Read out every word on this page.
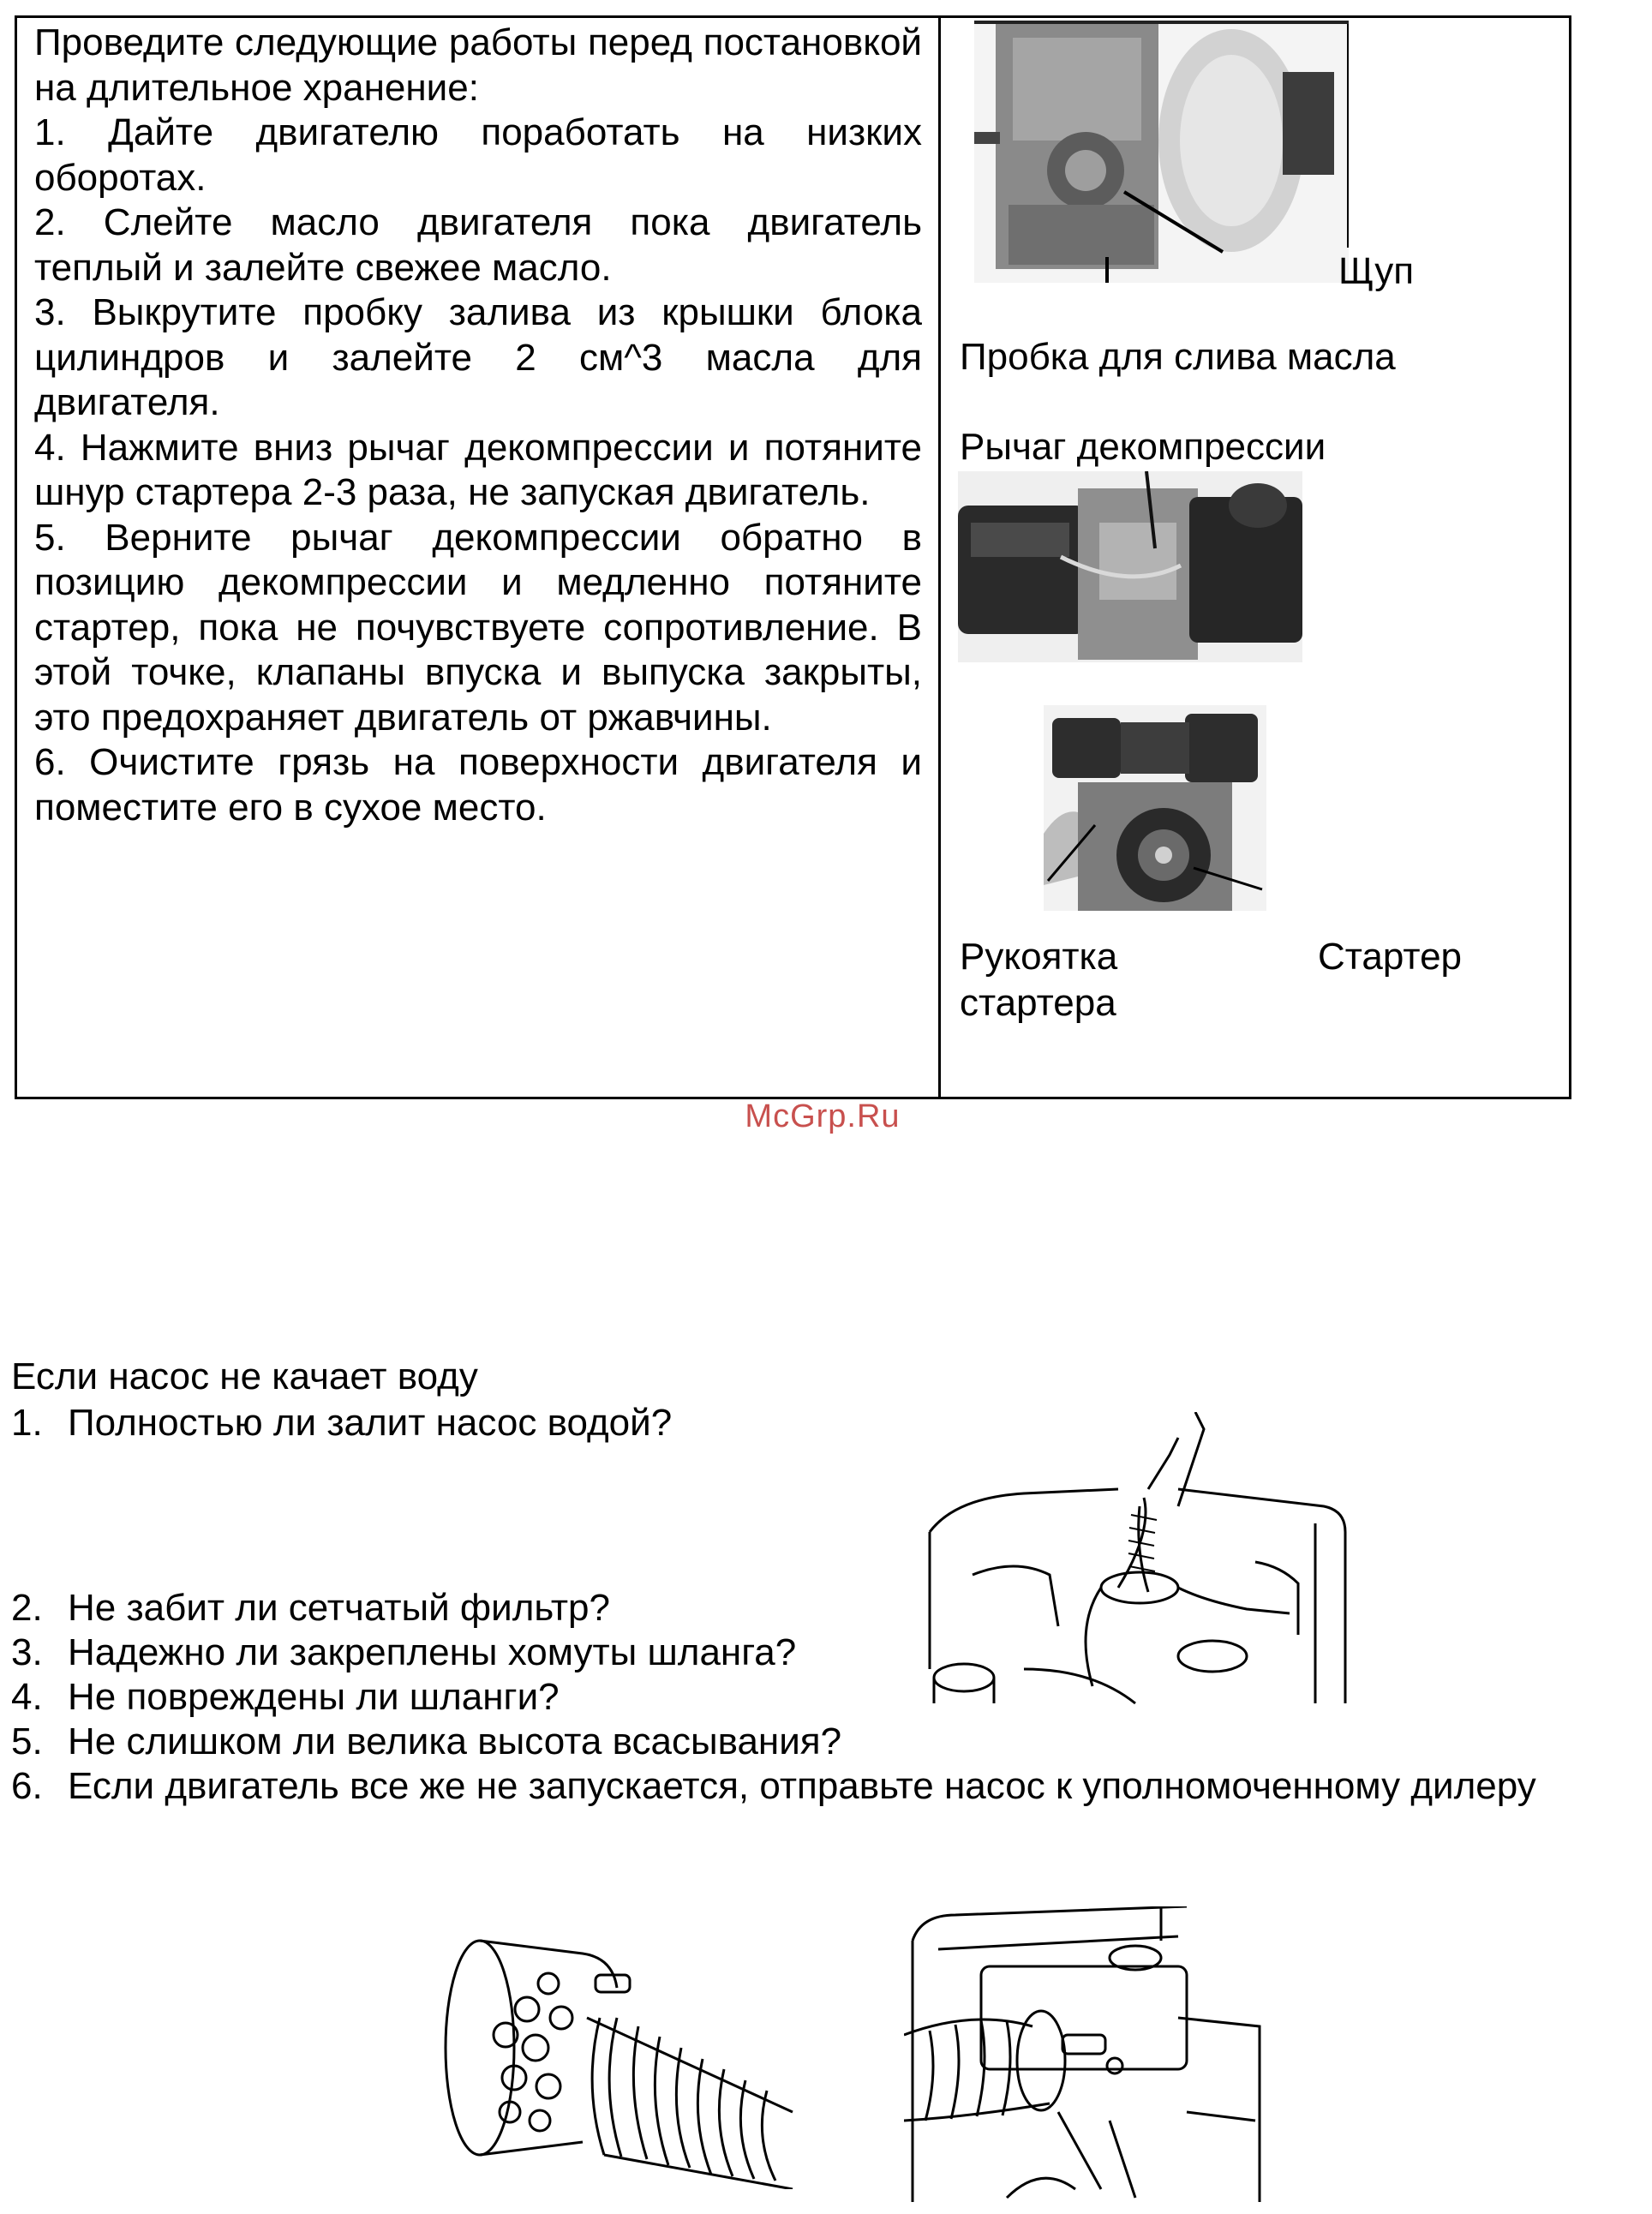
Проведите следующие работы перед постановкой на длительное хранение:

1. Дайте двигателю поработать на низких оборотах.

2. Слейте масло двигателя пока двигатель теплый и залейте свежее масло.

3. Выкрутите пробку залива из крышки блока цилиндров и залейте 2 см^3 масла для двигателя.

4. Нажмите вниз рычаг декомпрессии и потяните шнур стартера 2-3 раза, не запуская двигатель.

5. Верните рычаг декомпрессии обратно в позицию декомпрессии и медленно потяните стартер, пока не почувствуете сопротивление. В этой точке, клапаны впуска и выпуска закрыты, это предохраняет двигатель от ржавчины.

6. Очистите грязь на поверхности двигателя и поместите его в сухое место.

Щуп
Пробка для слива масла
Рычаг декомпрессии
Рукоятка
стартера
Стартер
McGrp.Ru
Если насос не качает воду
1. Полностью ли залит насос водой?
2. Не забит ли сетчатый фильтр?
3. Надежно ли закреплены хомуты шланга?
4. Не повреждены ли шланги?
5. Не слишком ли велика высота всасывания?
6. Если двигатель все же не запускается, отправьте насос к уполномоченному дилеру
